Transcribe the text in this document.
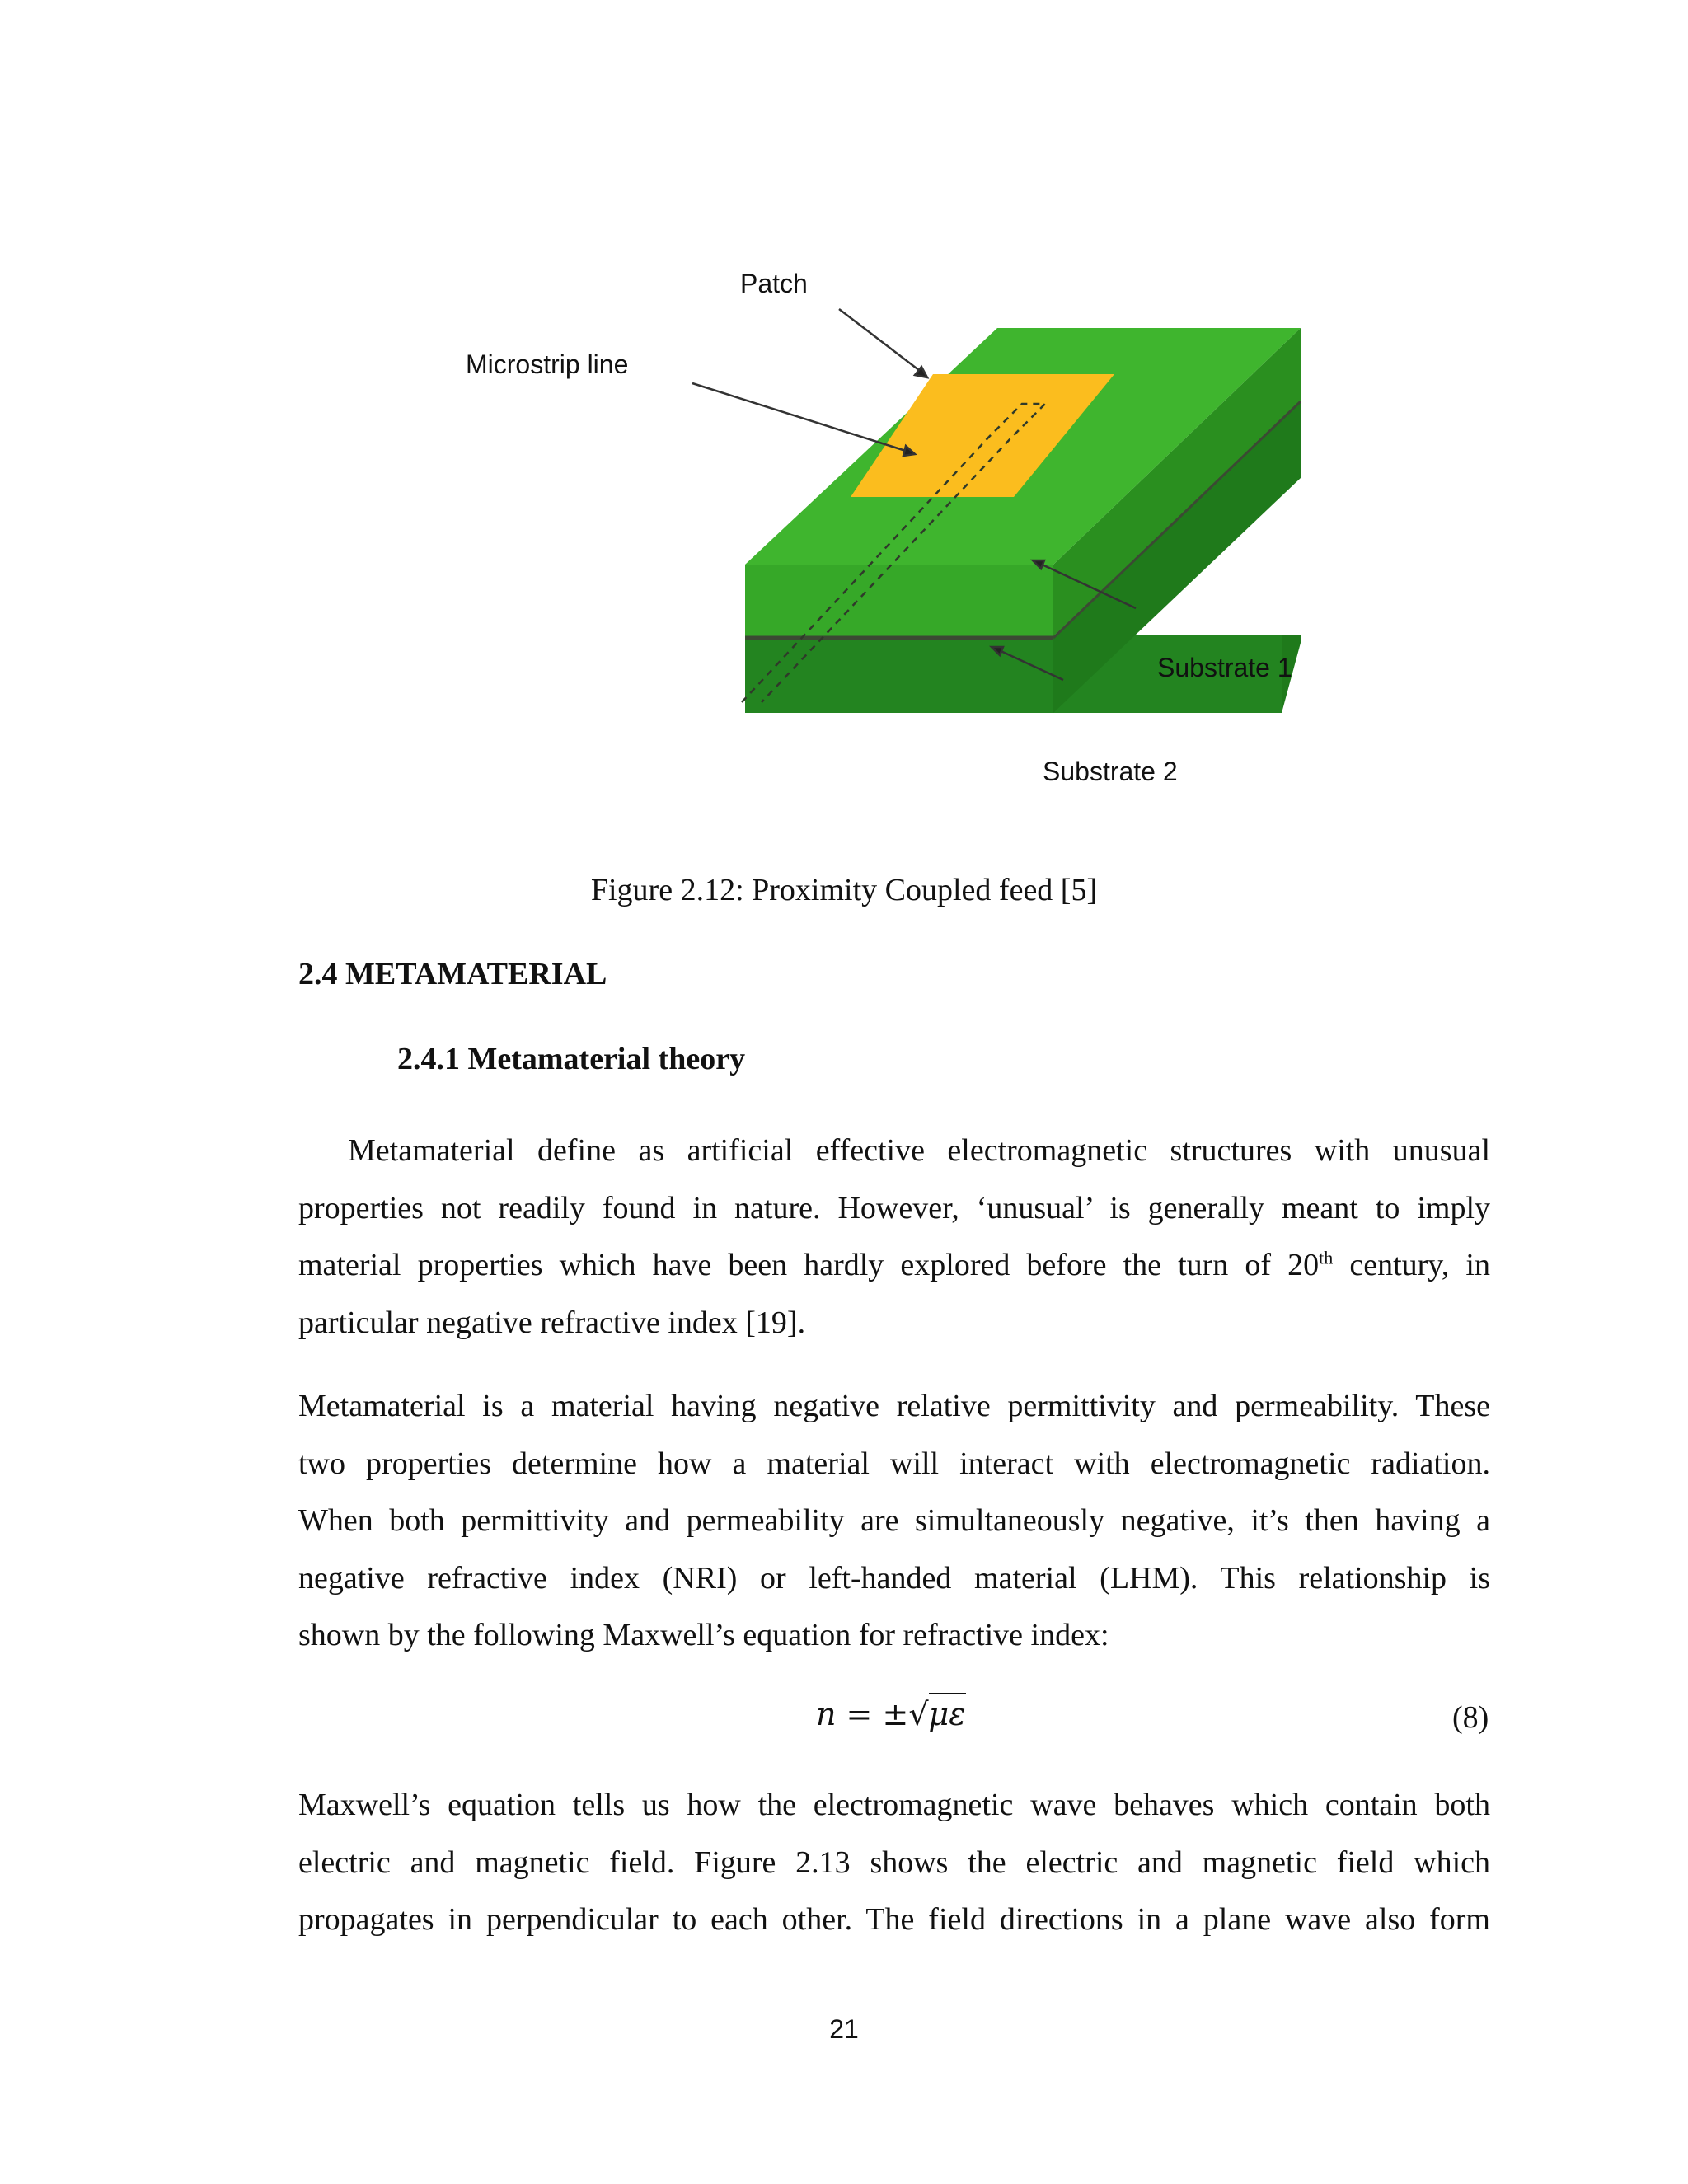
Patch
Microstrip line
Substrate 1
Substrate 2
Figure 2.12: Proximity Coupled feed [5]
2.4 METAMATERIAL
2.4.1 Metamaterial theory
Metamaterial define as artificial effective electromagnetic structures with unusual
properties not readily found in nature. However, ‘unusual’ is generally meant to imply
material properties which have been hardly explored before the turn of 20th century, in
particular negative refractive index [19].
Metamaterial is a material having negative relative permittivity and permeability. These
two properties determine how a material will interact with electromagnetic radiation.
When both permittivity and permeability are simultaneously negative, it’s then having a
negative refractive index (NRI) or left-handed material (LHM). This relationship is
shown by the following Maxwell’s equation for refractive index:
n = ±√με	(8)
Maxwell’s equation tells us how the electromagnetic wave behaves which contain both
electric and magnetic field. Figure 2.13 shows the electric and magnetic field which
propagates in perpendicular to each other. The field directions in a plane wave also form
21
